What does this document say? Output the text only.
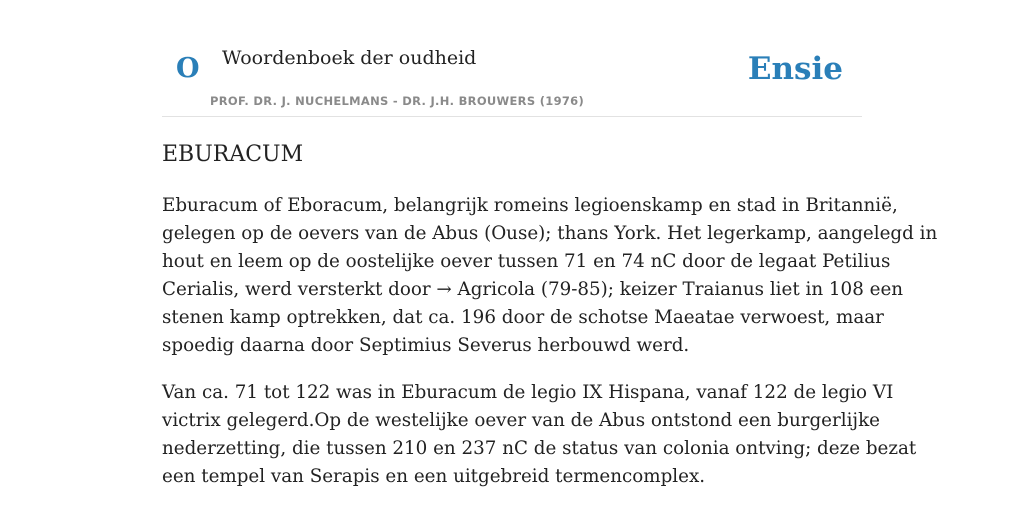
O Woordenboek der oudheid
PROF. DR. J. NUCHELMANS - DR. J.H. BROUWERS (1976)
Ensie
EBURACUM

Eburacum of Eboracum, belangrijk romeins legioenskamp en stad in Britannië,
gelegen op de oevers van de Abus (Ouse); thans York. Het legerkamp, aangelegd in
hout en leem op de oostelijke oever tussen 71 en 74 nC door de legaat Petilius
Cerialis, werd versterkt door → Agricola (79-85); keizer Traianus liet in 108 een
stenen kamp optrekken, dat ca. 196 door de schotse Maeatae verwoest, maar
spoedig daarna door Septimius Severus herbouwd werd.

Van ca. 71 tot 122 was in Eburacum de legio IX Hispana, vanaf 122 de legio VI
victrix gelegerd.Op de westelijke oever van de Abus ontstond een burgerlijke
nederzetting, die tussen 210 en 237 nC de status van colonia ontving; deze bezat
een tempel van Serapis en een uitgebreid termencomplex.
